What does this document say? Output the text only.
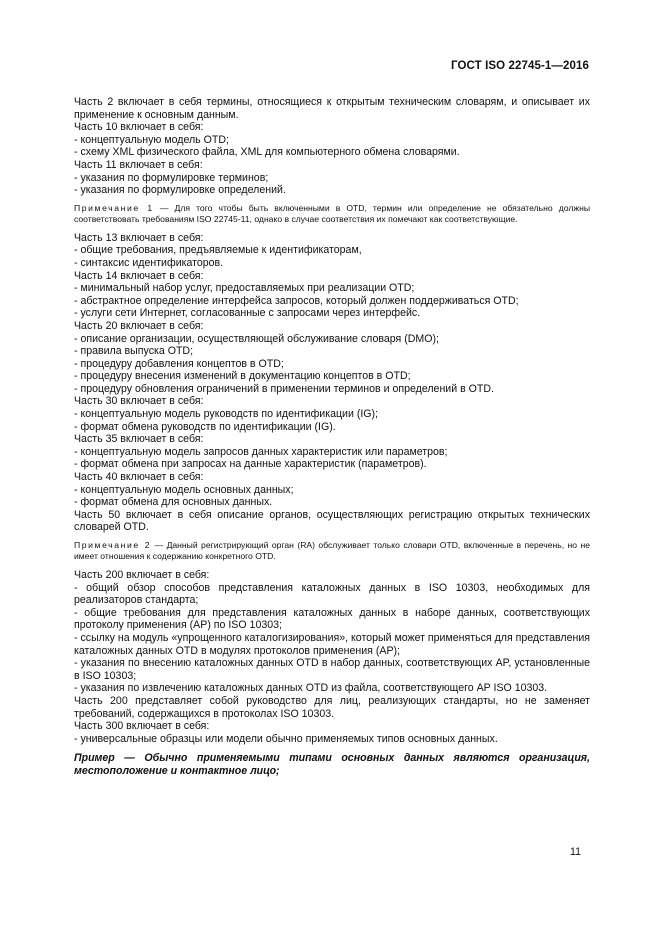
ГОСТ ISO 22745-1—2016

Часть 2 включает в себя термины, относящиеся к открытым техническим словарям, и описывает их применение к основным данным.

Часть 10 включает в себя:

- концептуальную модель OTD;

- схему XML физического файла, XML для компьютерного обмена словарями.

Часть 11 включает в себя:

- указания по формулировке терминов;

- указания по формулировке определений.

Примечание 1 — Для того чтобы быть включенными в OTD, термин или определение не обязательно должны соответствовать требованиям ISO 22745-11, однако в случае соответствия их помечают как соответствующие.

Часть 13 включает в себя:

- общие требования, предъявляемые к идентификаторам,

- синтаксис идентификаторов.

Часть 14 включает в себя:

- минимальный набор услуг, предоставляемых при реализации OTD;

- абстрактное определение интерфейса запросов, который должен поддерживаться OTD;

- услуги сети Интернет, согласованные с запросами через интерфейс.

Часть 20 включает в себя:

- описание организации, осуществляющей обслуживание словаря (DMO);

- правила выпуска OTD;

- процедуру добавления концептов в OTD;

- процедуру внесения изменений в документацию концептов в OTD;

- процедуру обновления ограничений в применении терминов и определений в OTD.

Часть 30 включает в себя:

- концептуальную модель руководств по идентификации (IG);

- формат обмена руководств по идентификации (IG).

Часть 35 включает в себя:

- концептуальную модель запросов данных характеристик или параметров;

- формат обмена при запросах на данные характеристик (параметров).

Часть 40 включает в себя:

- концептуальную модель основных данных;

- формат обмена для основных данных.

Часть 50 включает в себя описание органов, осуществляющих регистрацию открытых технических словарей OTD.

Примечание 2 — Данный регистрирующий орган (RA) обслуживает только словари OTD, включенные в перечень, но не имеет отношения к содержанию конкретного OTD.

Часть 200 включает в себя:

- общий обзор способов представления каталожных данных в ISO 10303, необходимых для реализаторов стандарта;

- общие требования для представления каталожных данных в наборе данных, соответствующих протоколу применения (AP) по ISO 10303;

- ссылку на модуль «упрощенного каталогизирования», который может применяться для представления каталожных данных OTD в модулях протоколов применения (AP);

- указания по внесению каталожных данных OTD в набор данных, соответствующих AP, установленные в ISO 10303;

- указания по извлечению каталожных данных OTD из файла, соответствующего AP ISO 10303.

Часть 200 представляет собой руководство для лиц, реализующих стандарты, но не заменяет требований, содержащихся в протоколах ISO 10303.

Часть 300 включает в себя:

- универсальные образцы или модели обычно применяемых типов основных данных.

Пример — Обычно применяемыми типами основных данных являются организация, местоположение и контактное лицо;

11
